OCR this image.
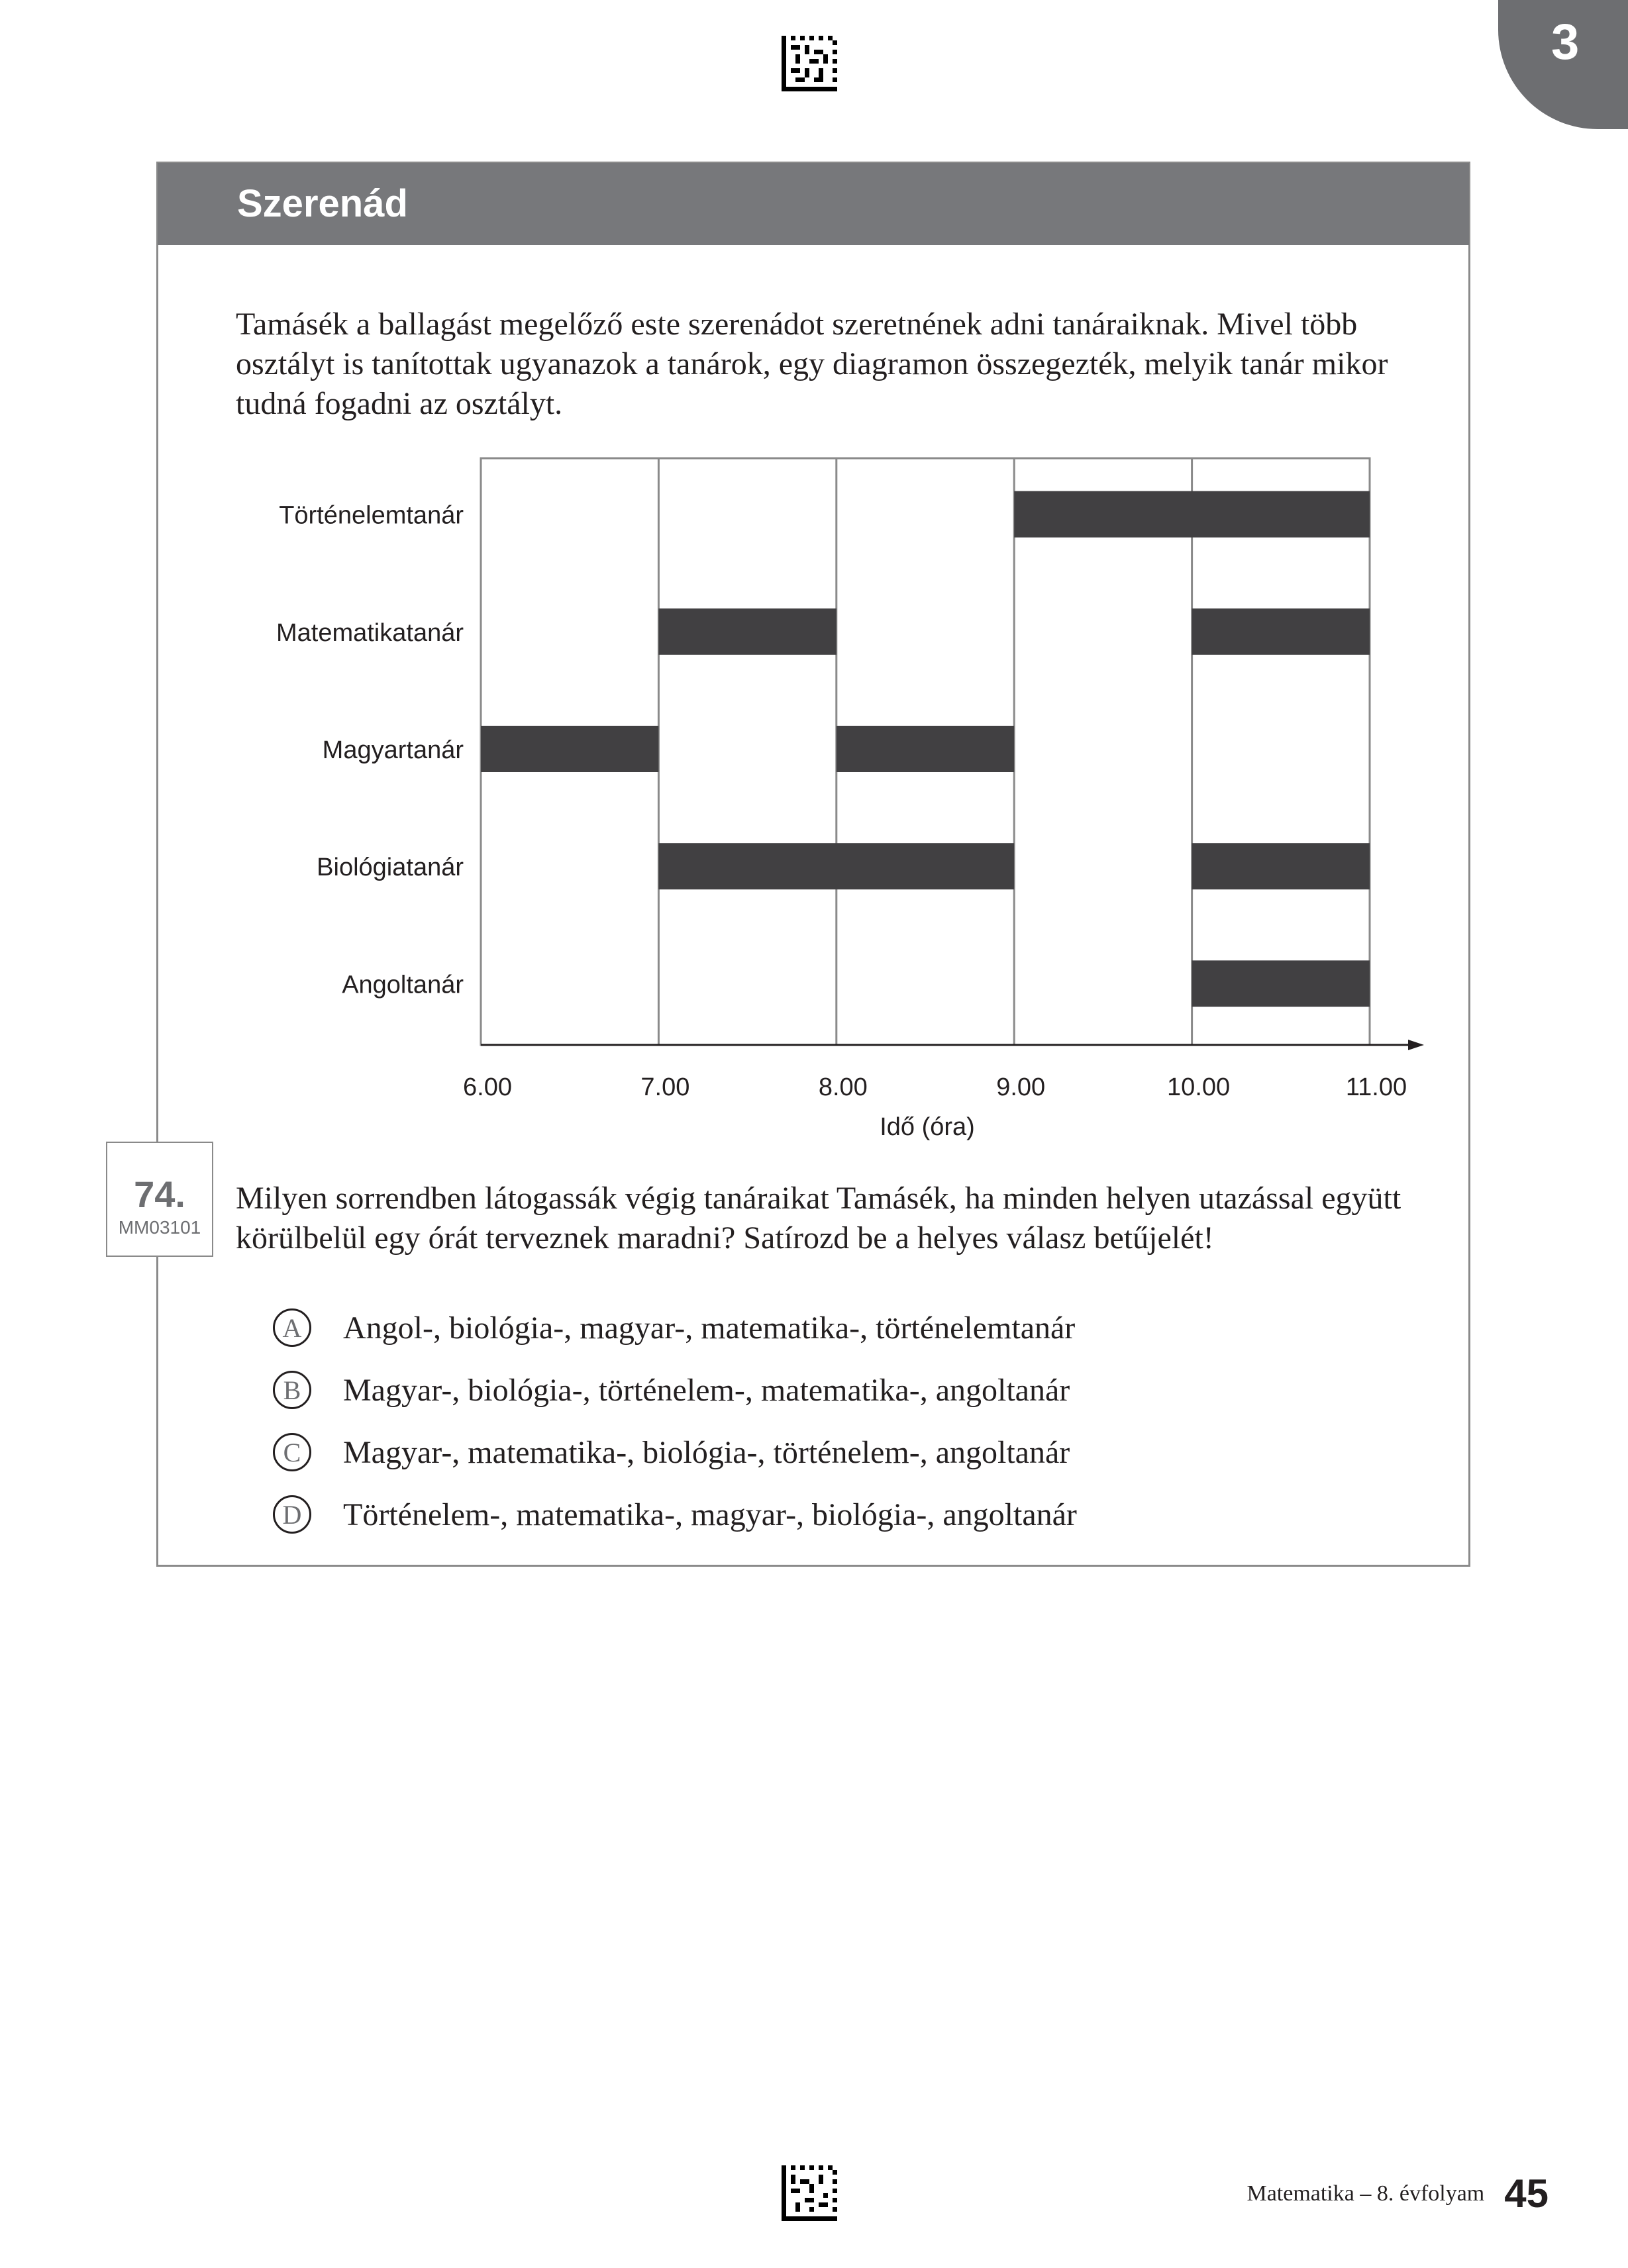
3
Szerenád
Tamásék a ballagást megelőző este szerenádot szeretnének adni tanáraiknak. Mivel több osztályt is tanítottak ugyanazok a tanárok, egy diagramon összegezték, melyik tanár mikor tudná fogadni az osztályt.
Történelemtanár
Matematikatanár
Magyartanár
Biológiatanár
Angoltanár
6.00	7.00	8.00	9.00	10.00	11.00
Idő (óra)
74.
MM03101
Milyen sorrendben látogassák végig tanáraikat Tamásék, ha minden helyen utazással együtt körülbelül egy órát terveznek maradni? Satírozd be a helyes válasz betűjelét!
A	Angol-, biológia-, magyar-, matematika-, történelemtanár
B	Magyar-, biológia-, történelem-, matematika-, angoltanár
C	Magyar-, matematika-, biológia-, történelem-, angoltanár
D	Történelem-, matematika-, magyar-, biológia-, angoltanár
Matematika – 8. évfolyam 45
